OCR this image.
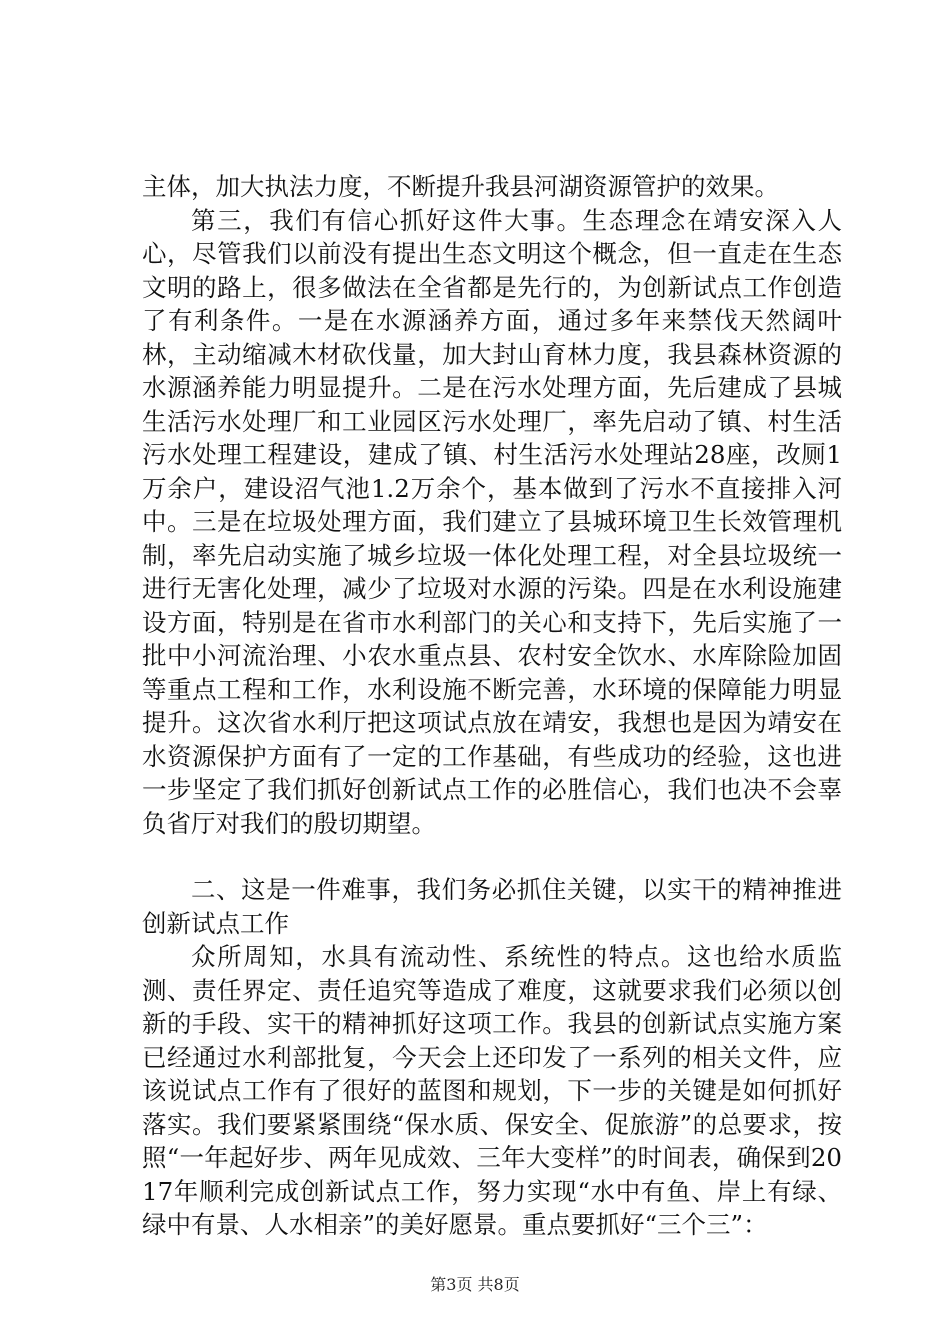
主体，加大执法力度，不断提升我县河湖资源管护的效果。

第三，我们有信心抓好这件大事。生态理念在靖安深入人心，尽管我们以前没有提出生态文明这个概念，但一直走在生态文明的路上，很多做法在全省都是先行的，为创新试点工作创造了有利条件。一是在水源涵养方面，通过多年来禁伐天然阔叶林，主动缩减木材砍伐量，加大封山育林力度，我县森林资源的水源涵养能力明显提升。二是在污水处理方面，先后建成了县城生活污水处理厂和工业园区污水处理厂，率先启动了镇、村生活污水处理工程建设，建成了镇、村生活污水处理站28座，改厕1万余户，建设沼气池1.2万余个，基本做到了污水不直接排入河中。三是在垃圾处理方面，我们建立了县城环境卫生长效管理机制，率先启动实施了城乡垃圾一体化处理工程，对全县垃圾统一进行无害化处理，减少了垃圾对水源的污染。四是在水利设施建设方面，特别是在省市水利部门的关心和支持下，先后实施了一批中小河流治理、小农水重点县、农村安全饮水、水库除险加固等重点工程和工作，水利设施不断完善，水环境的保障能力明显提升。这次省水利厅把这项试点放在靖安，我想也是因为靖安在水资源保护方面有了一定的工作基础，有些成功的经验，这也进一步坚定了我们抓好创新试点工作的必胜信心，我们也决不会辜负省厅对我们的殷切期望。

二、这是一件难事，我们务必抓住关键，以实干的精神推进创新试点工作

众所周知，水具有流动性、系统性的特点。这也给水质监测、责任界定、责任追究等造成了难度，这就要求我们必须以创新的手段、实干的精神抓好这项工作。我县的创新试点实施方案已经通过水利部批复，今天会上还印发了一系列的相关文件，应该说试点工作有了很好的蓝图和规划，下一步的关键是如何抓好落实。我们要紧紧围绕“保水质、保安全、促旅游”的总要求，按照“一年起好步、两年见成效、三年大变样”的时间表，确保到2017年顺利完成创新试点工作，努力实现“水中有鱼、岸上有绿、绿中有景、人水相亲”的美好愿景。重点要抓好“三个三”：

第3页 共8页
